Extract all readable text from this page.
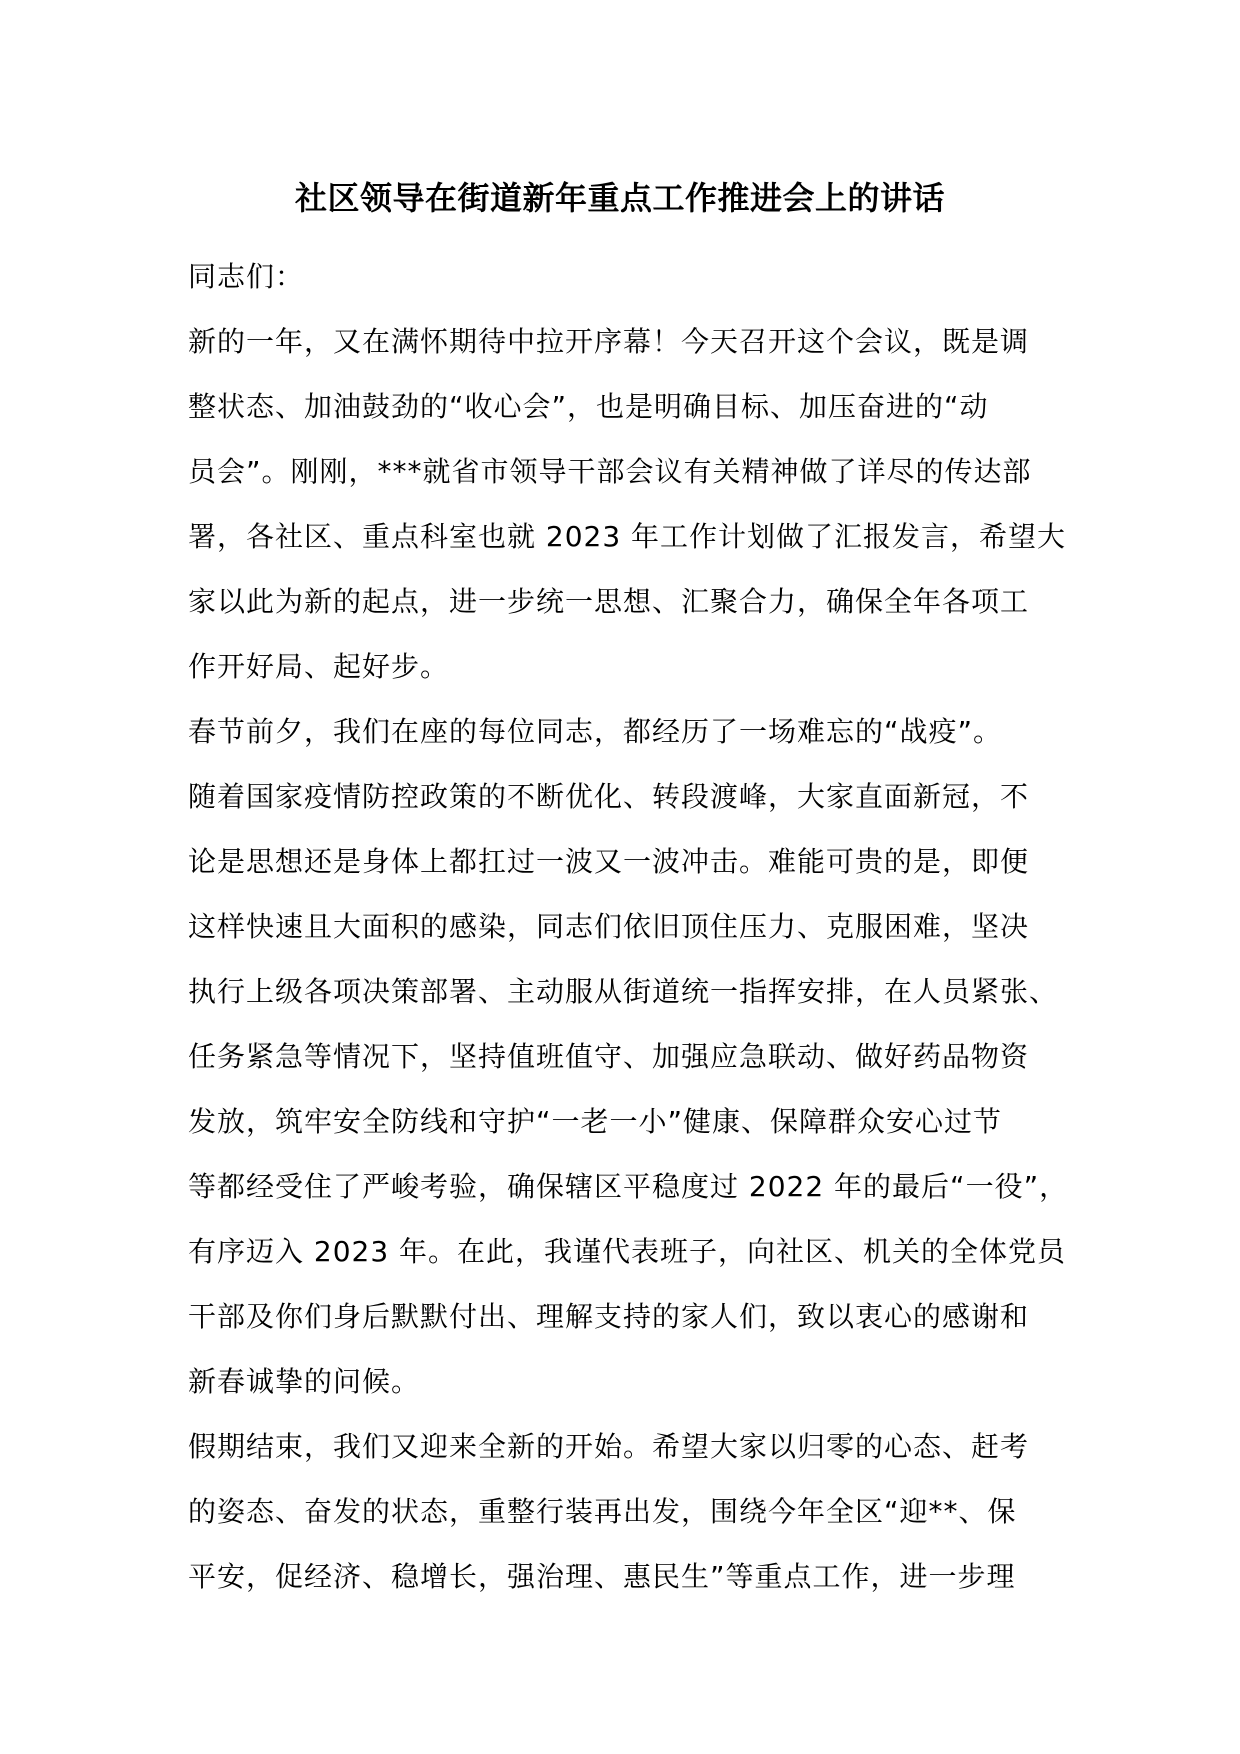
社区领导在街道新年重点工作推进会上的讲话
同志们：
新的一年，又在满怀期待中拉开序幕！今天召开这个会议，既是调
整状态、加油鼓劲的“收心会”，也是明确目标、加压奋进的“动
员会”。刚刚，***就省市领导干部会议有关精神做了详尽的传达部
署，各社区、重点科室也就 2023 年工作计划做了汇报发言，希望大
家以此为新的起点，进一步统一思想、汇聚合力，确保全年各项工
作开好局、起好步。
春节前夕，我们在座的每位同志，都经历了一场难忘的“战疫”。
随着国家疫情防控政策的不断优化、转段渡峰，大家直面新冠，不
论是思想还是身体上都扛过一波又一波冲击。难能可贵的是，即便
这样快速且大面积的感染，同志们依旧顶住压力、克服困难，坚决
执行上级各项决策部署、主动服从街道统一指挥安排，在人员紧张、
任务紧急等情况下，坚持值班值守、加强应急联动、做好药品物资
发放，筑牢安全防线和守护“一老一小”健康、保障群众安心过节
等都经受住了严峻考验，确保辖区平稳度过 2022 年的最后“一役”，
有序迈入 2023 年。在此，我谨代表班子，向社区、机关的全体党员
干部及你们身后默默付出、理解支持的家人们，致以衷心的感谢和
新春诚挚的问候。
假期结束，我们又迎来全新的开始。希望大家以归零的心态、赶考
的姿态、奋发的状态，重整行装再出发，围绕今年全区“迎**、保
平安，促经济、稳增长，强治理、惠民生”等重点工作，进一步理
